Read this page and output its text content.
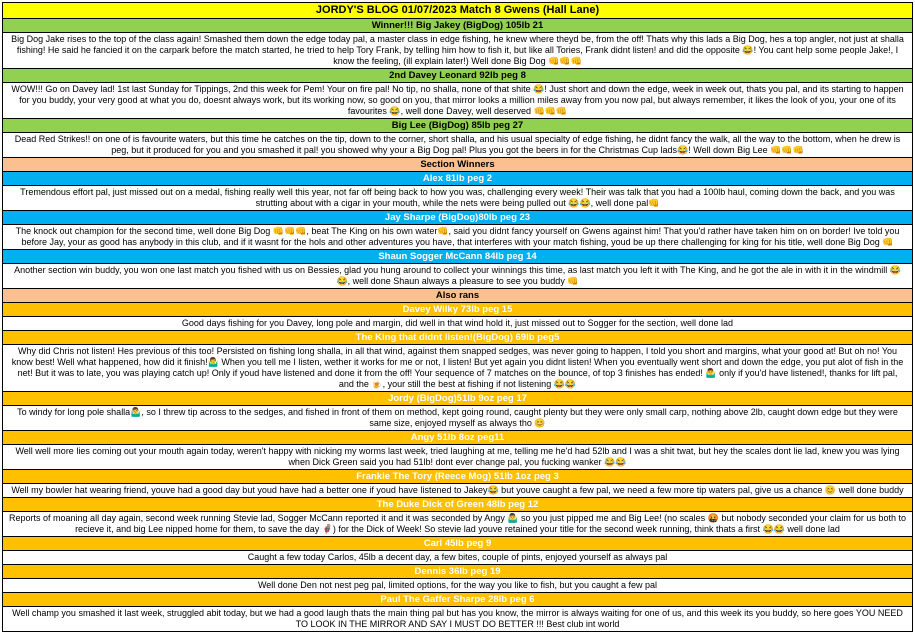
JORDY'S BLOG 01/07/2023 Match 8 Gwens (Hall Lane)
Winner!!! Big Jakey (BigDog) 105lb 21
Big Dog Jake rises to the top of the class again! Smashed them down the edge today pal, a master class in edge fishing, he knew where theyd be, from the off! Thats why this lads a Big Dog, hes a top angler, not just at shalla fishing! He said he fancied it on the carpark before the match started, he tried to help Tory Frank, by telling him how to fish it, but like all Tories, Frank didnt listen! and did the opposite 😂! You cant help some people Jake!, I know the feeling, (ill explain later!) Well done Big Dog 👊👊👊
2nd Davey Leonard 92lb peg 8
WOW!!! Go on Davey lad! 1st last Sunday for Tippings, 2nd this week for Pem! Your on fire pal! No tip, no shalla, none of that shite 😂! Just short and down the edge, week in week out, thats you pal, and its starting to happen for you buddy, your very good at what you do, doesnt always work, but its working now, so good on you, that mirror looks a million miles away from you now pal, but always remember, it likes the look of you, your one of its favourites 😂, well done Davey, well deserved 👊👊👊
Big Lee (BigDog) 85lb peg 27
Dead Red Strikes!! on one of is favourite waters, but this time he catches on the tip, down to the corner, short shalla, and his usual specialty of edge fishing, he didnt fancy the walk, all the way to the bottom, when he drew is peg, but it produced for you and you smashed it pal! you showed why your a Big Dog pal! Plus you got the beers in for the Christmas Cup lads😂! Well down Big Lee 👊👊👊
Section Winners
Alex 81lb peg 2
Tremendous effort pal, just missed out on a medal, fishing really well this year, not far off being back to how you was, challenging every week! Their was talk that you had a 100lb haul, coming down the back, and you was strutting about with a cigar in your mouth, while the nets were being pulled out 😂😂, well done pal👊
Jay Sharpe (BigDog)80lb peg 23
The knock out champion for the second time, well done Big Dog 👊👊👊, beat The King on his own water👊, said you didnt fancy yourself on Gwens against him! That you'd rather have taken him on on border! Ive told you before Jay, your as good has anybody in this club, and if it wasnt for the hols and other adventures you have, that interferes with your match fishing, youd be up there challenging for king for his title, well done Big Dog 👊
Shaun Sogger McCann 84lb peg 14
Another section win buddy, you won one last match you fished with us on Bessies, glad you hung around to collect your winnings this time, as last match you left it with The King, and he got the ale in with it in the windmill 😂😂, well done Shaun always a pleasure to see you buddy 👊
Also rans
Davey Wilky 73lb peg 15
Good days fishing for you Davey, long pole and margin, did well in that wind hold it, just missed out to Sogger for the section, well done lad
The King that didnt listen!(BigDog) 69lb peg5
Why did Chris not listen! Hes previous of this too! Persisted on fishing long shalla, in all that wind, against them snapped sedges, was never going to happen, I told you short and margins, what your good at! But oh no! You know best! Well what happened, how did it finish!🤷‍♂️ When you tell me I listen, wether it works for me or not, I listen! But yet again you didnt listen! When you eventually went short and down the edge, you put alot of fish in the net! But it was to late, you was playing catch up! Only if youd have listened and done it from the off! Your sequence of 7 matches on the bounce, of top 3 finishes has ended! 🤷‍♂️ only if you'd have listened!, thanks for lift pal, and the 🍺, your still the best at fishing if not listening 😂😂
Jordy (BigDog)51lb 9oz peg 17
To windy for long pole shalla🤷‍♂️, so I threw tip across to the sedges, and fished in front of them on method, kept going round, caught plenty but they were only small carp, nothing above 2lb, caught down edge but they were same size, enjoyed myself as always tho 😊
Angy 51lb 8oz peg11
Well well more lies coming out your mouth again today, weren't happy with nicking my worms last week, tried laughing at me, telling me he'd had 52lb and I was a shit twat, but hey the scales dont lie lad, knew you was lying when Dick Green said you had 51lb! dont ever change pal, you fucking wanker 😂😂
Frankie The Tory (Reece Mog) 51lb 1oz peg 3
Well my bowler hat wearing friend, youve had a good day but youd have had a better one if youd have listened to Jakey😂 but youve caught a few pal, we need a few more tip waters pal, give us a chance 😊 well done buddy
The Duke Dick of Green 48lb peg 12
Reports of moaning all day again, second week running Stevie lad, Sogger McCann reported it and it was seconded by Angy 🤷‍♂️ so you just pipped me and Big Lee! (no scales 🤬 but nobody seconded your claim for us both to recieve it, and big Lee nipped home for them, to save the day 🦸‍♂️) for the Dick of Week! So stevie lad youve retained your title for the second week running, think thats a first 😂😂 well done lad
Carl 45lb peg 9
Caught a few today Carlos, 45lb a decent day, a few bites, couple of pints, enjoyed yourself as always pal
Dennis 36lb peg 19
Well done Den not nest peg pal, limited options, for the way you like to fish, but you caught a few pal
Paul The Gaffer Sharpe 28lb peg 6
Well champ you smashed it last week, struggled abit today, but we had a good laugh thats the main thing pal but has you know, the mirror is always waiting for one of us, and this week its you buddy, so here goes YOU NEED TO LOOK IN THE MIRROR AND SAY I MUST DO BETTER !!! Best club int world
